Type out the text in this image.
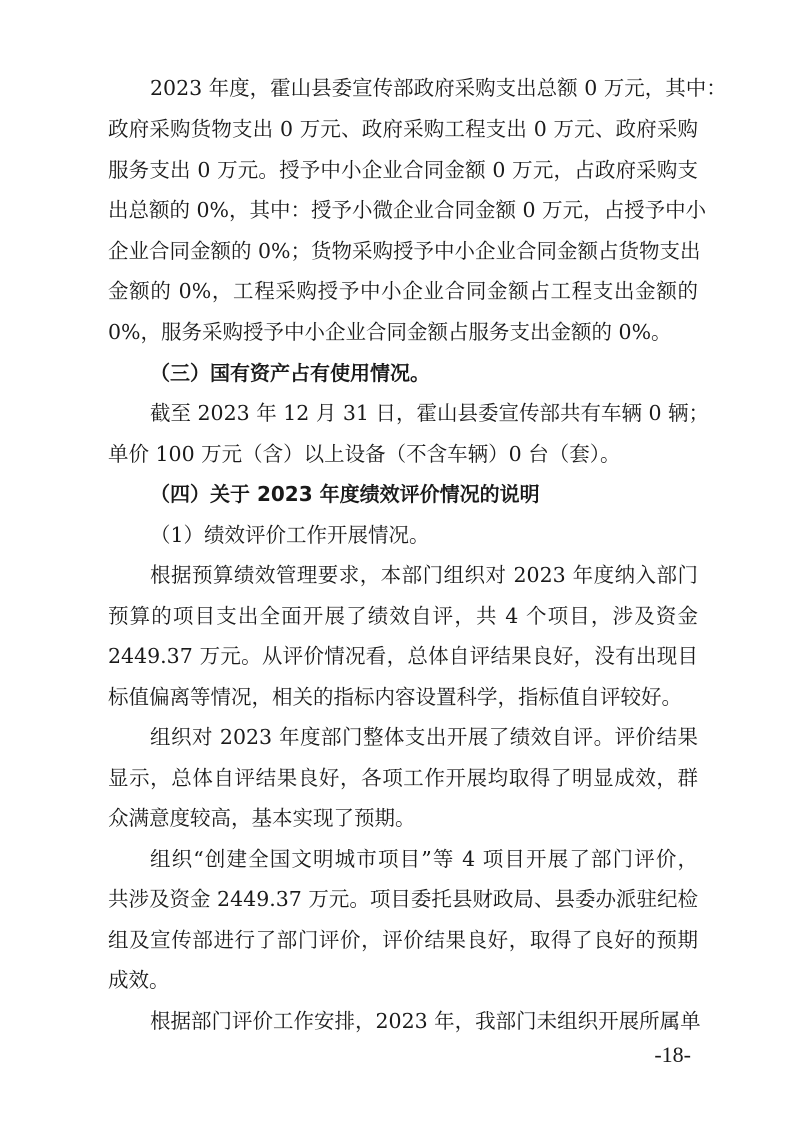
2023 年度，霍山县委宣传部政府采购支出总额 0 万元，其中：
政府采购货物支出 0 万元、政府采购工程支出 0 万元、政府采购
服务支出 0 万元。授予中小企业合同金额 0 万元，占政府采购支
出总额的 0%，其中：授予小微企业合同金额 0 万元，占授予中小
企业合同金额的 0%；货物采购授予中小企业合同金额占货物支出
金额的 0%，工程采购授予中小企业合同金额占工程支出金额的
0%，服务采购授予中小企业合同金额占服务支出金额的 0%。
（三）国有资产占有使用情况。
截至 2023 年 12 月 31 日，霍山县委宣传部共有车辆 0 辆；
单价 100 万元（含）以上设备（不含车辆）0 台（套）。
（四）关于 2023 年度绩效评价情况的说明
（1）绩效评价工作开展情况。
根据预算绩效管理要求，本部门组织对 2023 年度纳入部门
预算的项目支出全面开展了绩效自评，共 4 个项目，涉及资金
2449.37 万元。从评价情况看，总体自评结果良好，没有出现目
标值偏离等情况，相关的指标内容设置科学，指标值自评较好。
组织对 2023 年度部门整体支出开展了绩效自评。评价结果
显示，总体自评结果良好，各项工作开展均取得了明显成效，群
众满意度较高，基本实现了预期。
组织“创建全国文明城市项目”等 4 项目开展了部门评价，
共涉及资金 2449.37 万元。项目委托县财政局、县委办派驻纪检
组及宣传部进行了部门评价，评价结果良好，取得了良好的预期
成效。
根据部门评价工作安排，2023 年，我部门未组织开展所属单
-18-
